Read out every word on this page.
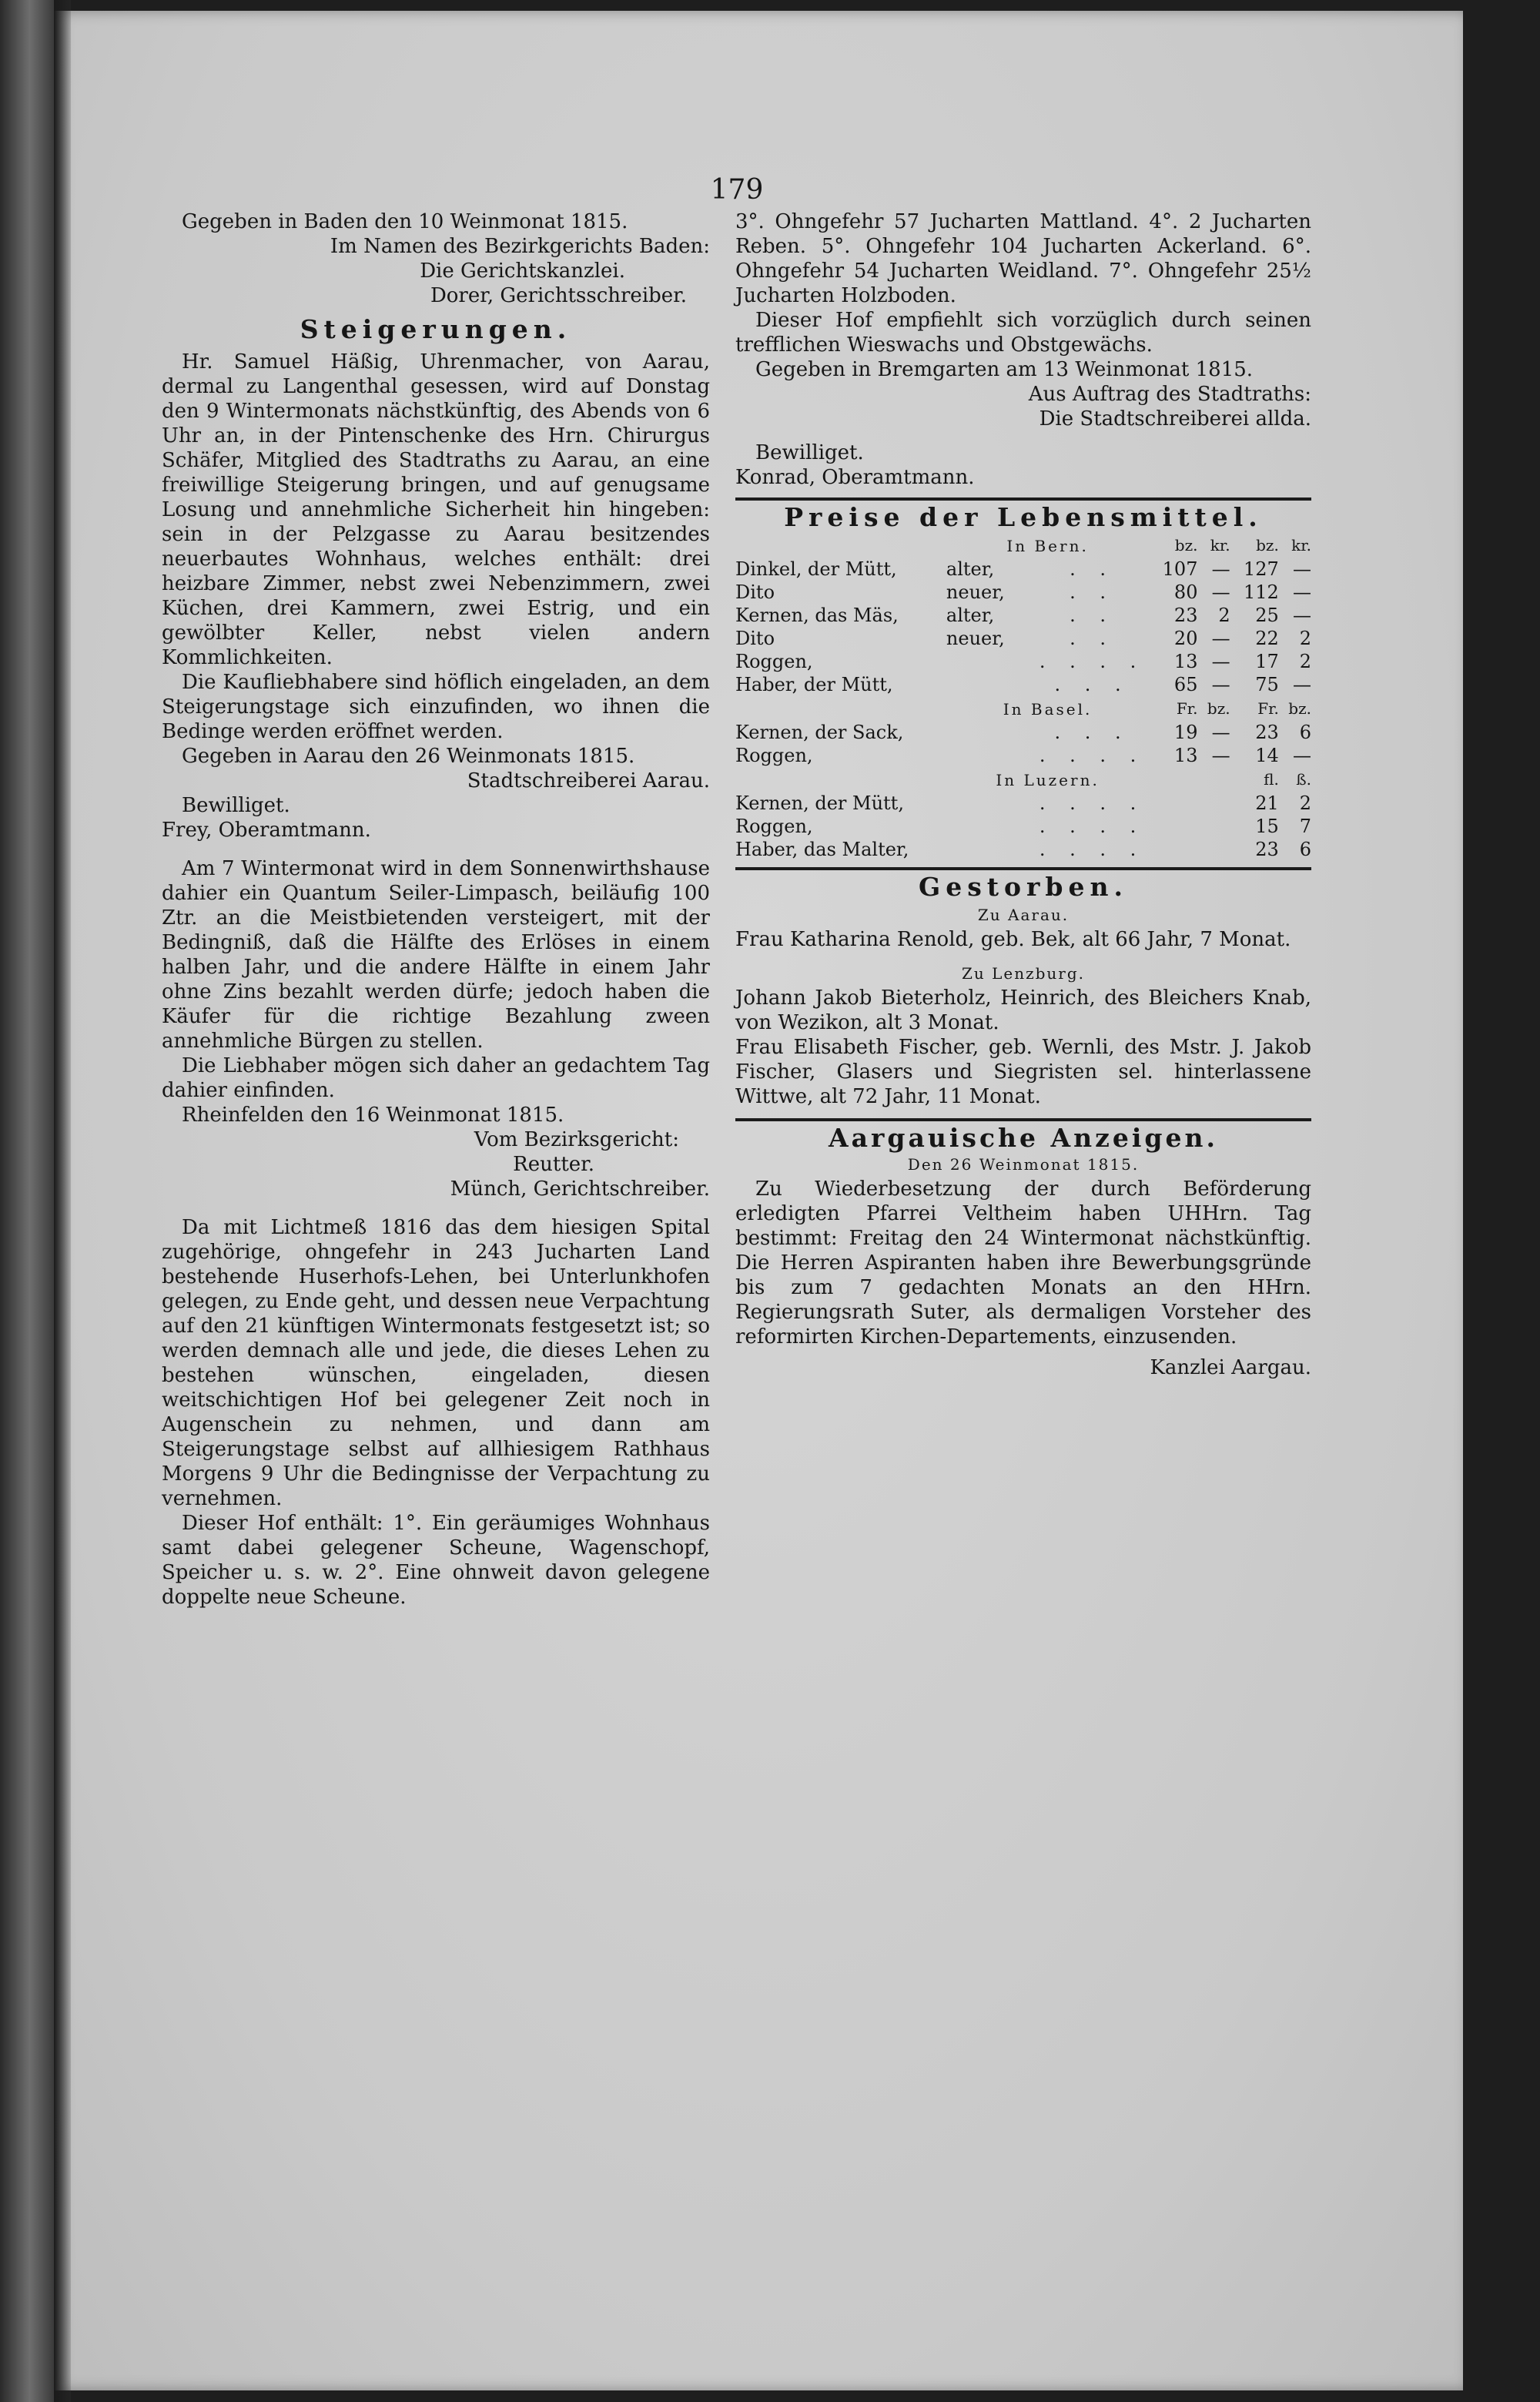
179

Gegeben in Baden den 10 Weinmonat 1815.

Im Namen des Bezirkgerichts Baden:

Die Gerichtskanzlei.

Dorer, Gerichtsschreiber.

Steigerungen.

Hr. Samuel Häßig, Uhrenmacher, von Aarau, dermal zu Langenthal gesessen, wird auf Donstag den 9 Wintermonats nächstkünftig, des Abends von 6 Uhr an, in der Pintenschenke des Hrn. Chirurgus Schäfer, Mitglied des Stadtraths zu Aarau, an eine freiwillige Steigerung bringen, und auf genugsame Losung und annehmliche Sicherheit hin hingeben: sein in der Pelzgasse zu Aarau besitzendes neuerbautes Wohnhaus, welches enthält: drei heizbare Zimmer, nebst zwei Nebenzimmern, zwei Küchen, drei Kammern, zwei Estrig, und ein gewölbter Keller, nebst vielen andern Kommlichkeiten.

Die Kaufliebhabere sind höflich eingeladen, an dem Steigerungstage sich einzufinden, wo ihnen die Bedinge werden eröffnet werden.

Gegeben in Aarau den 26 Weinmonats 1815.

Stadtschreiberei Aarau.

Bewilliget.

Frey, Oberamtmann.

Am 7 Wintermonat wird in dem Sonnenwirthshause dahier ein Quantum Seiler-Limpasch, beiläufig 100 Ztr. an die Meistbietenden versteigert, mit der Bedingniß, daß die Hälfte des Erlöses in einem halben Jahr, und die andere Hälfte in einem Jahr ohne Zins bezahlt werden dürfe; jedoch haben die Käufer für die richtige Bezahlung zween annehmliche Bürgen zu stellen.

Die Liebhaber mögen sich daher an gedachtem Tag dahier einfinden.

Rheinfelden den 16 Weinmonat 1815.

Vom Bezirksgericht:

Reutter.

Münch, Gerichtschreiber.

Da mit Lichtmeß 1816 das dem hiesigen Spital zugehörige, ohngefehr in 243 Jucharten Land bestehende Huserhofs-Lehen, bei Unterlunkhofen gelegen, zu Ende geht, und dessen neue Verpachtung auf den 21 künftigen Wintermonats festgesetzt ist; so werden demnach alle und jede, die dieses Lehen zu bestehen wünschen, eingeladen, diesen weitschichtigen Hof bei gelegener Zeit noch in Augenschein zu nehmen, und dann am Steigerungstage selbst auf allhiesigem Rathhaus Morgens 9 Uhr die Bedingnisse der Verpachtung zu vernehmen.

Dieser Hof enthält: 1°. Ein geräumiges Wohnhaus samt dabei gelegener Scheune, Wagenschopf, Speicher u. s. w. 2°. Eine ohnweit davon gelegene doppelte neue Scheune.

3°. Ohngefehr 57 Jucharten Mattland. 4°. 2 Jucharten Reben. 5°. Ohngefehr 104 Jucharten Ackerland. 6°. Ohngefehr 54 Jucharten Weidland. 7°. Ohngefehr 25½ Jucharten Holzboden.

Dieser Hof empfiehlt sich vorzüglich durch seinen trefflichen Wieswachs und Obstgewächs.

Gegeben in Bremgarten am 13 Weinmonat 1815.

Aus Auftrag des Stadtraths:

Die Stadtschreiberei allda.

Bewilliget.

Konrad, Oberamtmann.

Preise der Lebensmittel.
	In Bern.		bz.	kr.	bz.	kr.
Dinkel, der Mütt,	alter,	. .	107	—	127	—
Dito	neuer,	. .	80	—	112	—
Kernen, das Mäs,	alter,	. .	23	2	25	—
Dito	neuer,	. .	20	—	22	2
Roggen,		. . . .	13	—	17	2
Haber, der Mütt,		. . .	65	—	75	—
	In Basel.		Fr.	bz.	Fr.	bz.
Kernen, der Sack,		. . .	19	—	23	6
Roggen,		. . . .	13	—	14	—
	In Luzern.				fl.	ß.
Kernen, der Mütt,		. . . .			21	2
Roggen,		. . . .			15	7
Haber, das Malter,		. . . .			23	6
Gestorben.

Zu Aarau.

Frau Katharina Renold, geb. Bek, alt 66 Jahr, 7 Monat.

Zu Lenzburg.

Johann Jakob Bieterholz, Heinrich, des Bleichers Knab, von Wezikon, alt 3 Monat.

Frau Elisabeth Fischer, geb. Wernli, des Mstr. J. Jakob Fischer, Glasers und Siegristen sel. hinterlassene Wittwe, alt 72 Jahr, 11 Monat.

Aargauische Anzeigen.

Den 26 Weinmonat 1815.

Zu Wiederbesetzung der durch Beförderung erledigten Pfarrei Veltheim haben UHHrn. Tag bestimmt: Freitag den 24 Wintermonat nächstkünftig. Die Herren Aspiranten haben ihre Bewerbungsgründe bis zum 7 gedachten Monats an den HHrn. Regierungsrath Suter, als dermaligen Vorsteher des reformirten Kirchen-Departements, einzusenden.

Kanzlei Aargau.
